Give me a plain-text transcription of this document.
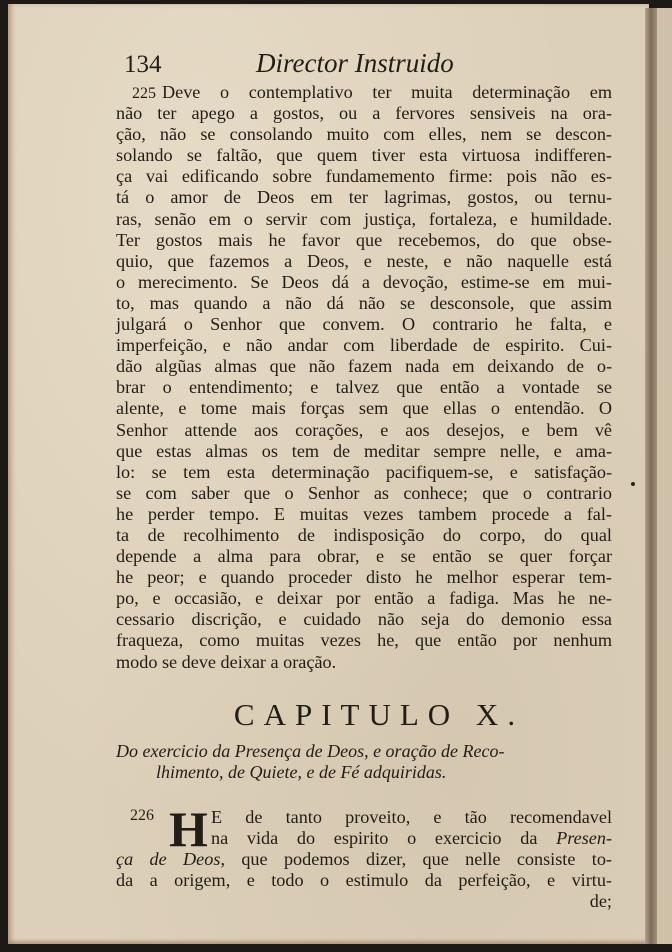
134	Director Instruido
225 Deve o contemplativo ter muita determinação em
não ter apego a gostos, ou a fervores sensiveis na ora-
ção, não se consolando muito com elles, nem se descon-
solando se faltão, que quem tiver esta virtuosa indifferen-
ça vai edificando sobre fundamemento firme: pois não es-
tá o amor de Deos em ter lagrimas, gostos, ou ternu-
ras, senão em o servir com justiça, fortaleza, e humildade.
Ter gostos mais he favor que recebemos, do que obse-
quio, que fazemos a Deos, e neste, e não naquelle está
o merecimento. Se Deos dá a devoção, estime-se em mui-
to, mas quando a não dá não se desconsole, que assim
julgará o Senhor que convem. O contrario he falta, e
imperfeição, e não andar com liberdade de espirito. Cui-
dão algũas almas que não fazem nada em deixando de o-
brar o entendimento; e talvez que então a vontade se
alente, e tome mais forças sem que ellas o entendão. O
Senhor attende aos corações, e aos desejos, e bem vê
que estas almas os tem de meditar sempre nelle, e ama-
lo: se tem esta determinação pacifiquem-se, e satisfação-
se com saber que o Senhor as conhece; que o contrario
he perder tempo. E muitas vezes tambem procede a fal-
ta de recolhimento de indisposição do corpo, do qual
depende a alma para obrar, e se então se quer forçar
he peor; e quando proceder disto he melhor esperar tem-
po, e occasião, e deixar por então a fadiga. Mas he ne-
cessario discrição, e cuidado não seja do demonio essa
fraqueza, como muitas vezes he, que então por nenhum
modo se deve deixar a oração.
CAPITULO X.
Do exercicio da Presença de Deos, e oração de Reco-
lhimento, de Quiete, e de Fé adquiridas.
226 H E de tanto proveito, e tão recomendavel
na vida do espirito o exercicio da Presen-
ça de Deos, que podemos dizer, que nelle consiste to-
da a origem, e todo o estimulo da perfeição, e virtu-
de;
